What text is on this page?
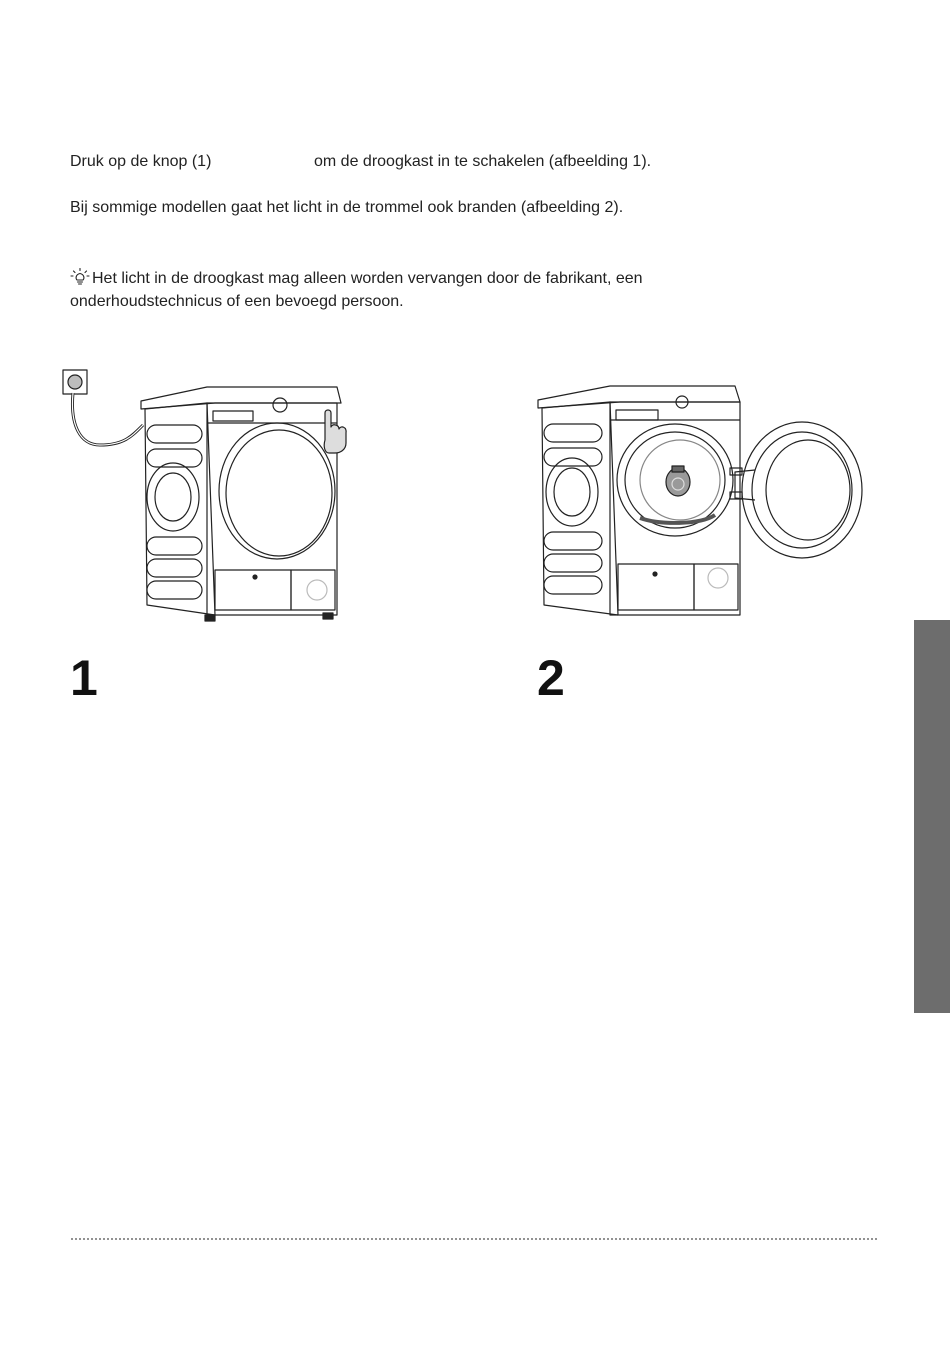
Druk op de knop (1)	om de droogkast in te schakelen (afbeelding 1).
Bij sommige modellen gaat het licht in de trommel ook branden (afbeelding 2).
Het licht in de droogkast mag alleen worden vervangen door de fabrikant, een onderhoudstechnicus of een bevoegd persoon.
1	2
